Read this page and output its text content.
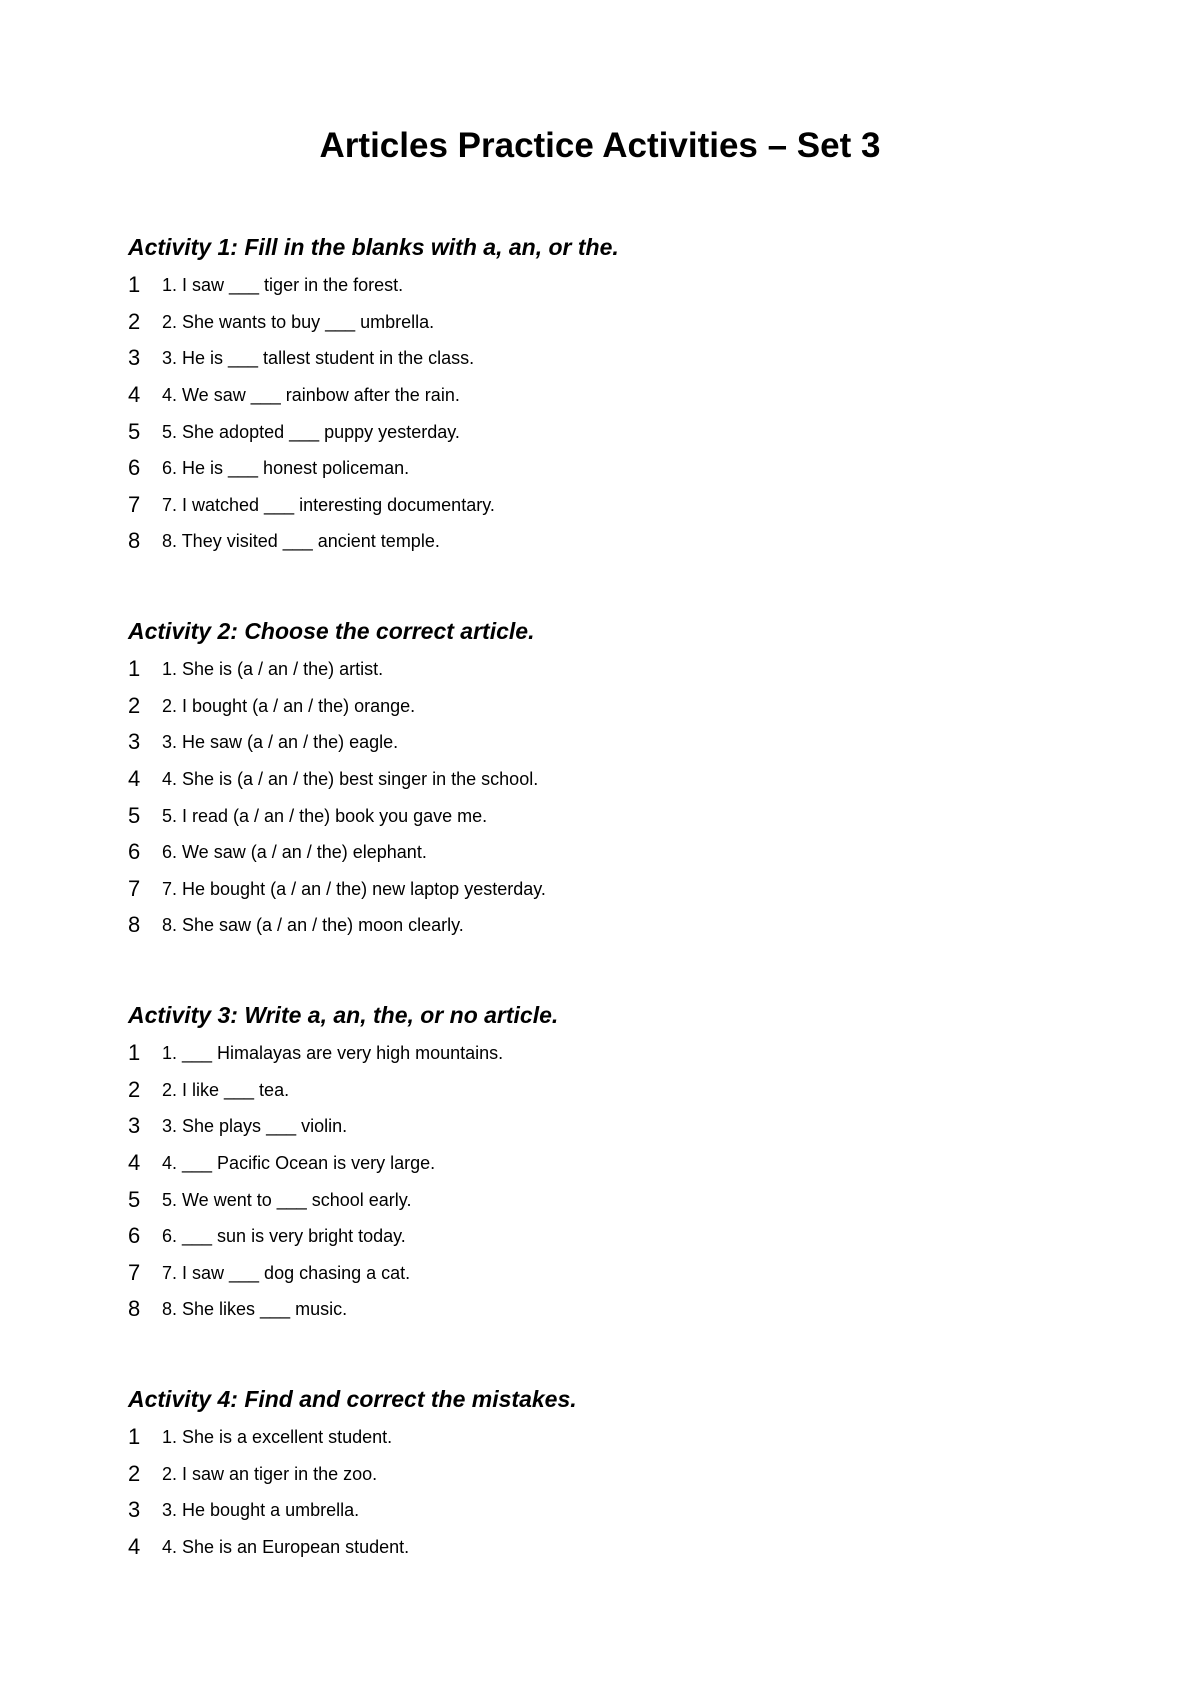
Articles Practice Activities – Set 3
Activity 1: Fill in the blanks with a, an, or the.
1	1. I saw ___ tiger in the forest.
2	2. She wants to buy ___ umbrella.
3	3. He is ___ tallest student in the class.
4	4. We saw ___ rainbow after the rain.
5	5. She adopted ___ puppy yesterday.
6	6. He is ___ honest policeman.
7	7. I watched ___ interesting documentary.
8	8. They visited ___ ancient temple.
Activity 2: Choose the correct article.
1	1. She is (a / an / the) artist.
2	2. I bought (a / an / the) orange.
3	3. He saw (a / an / the) eagle.
4	4. She is (a / an / the) best singer in the school.
5	5. I read (a / an / the) book you gave me.
6	6. We saw (a / an / the) elephant.
7	7. He bought (a / an / the) new laptop yesterday.
8	8. She saw (a / an / the) moon clearly.
Activity 3: Write a, an, the, or no article.
1	1. ___ Himalayas are very high mountains.
2	2. I like ___ tea.
3	3. She plays ___ violin.
4	4. ___ Pacific Ocean is very large.
5	5. We went to ___ school early.
6	6. ___ sun is very bright today.
7	7. I saw ___ dog chasing a cat.
8	8. She likes ___ music.
Activity 4: Find and correct the mistakes.
1	1. She is a excellent student.
2	2. I saw an tiger in the zoo.
3	3. He bought a umbrella.
4	4. She is an European student.
